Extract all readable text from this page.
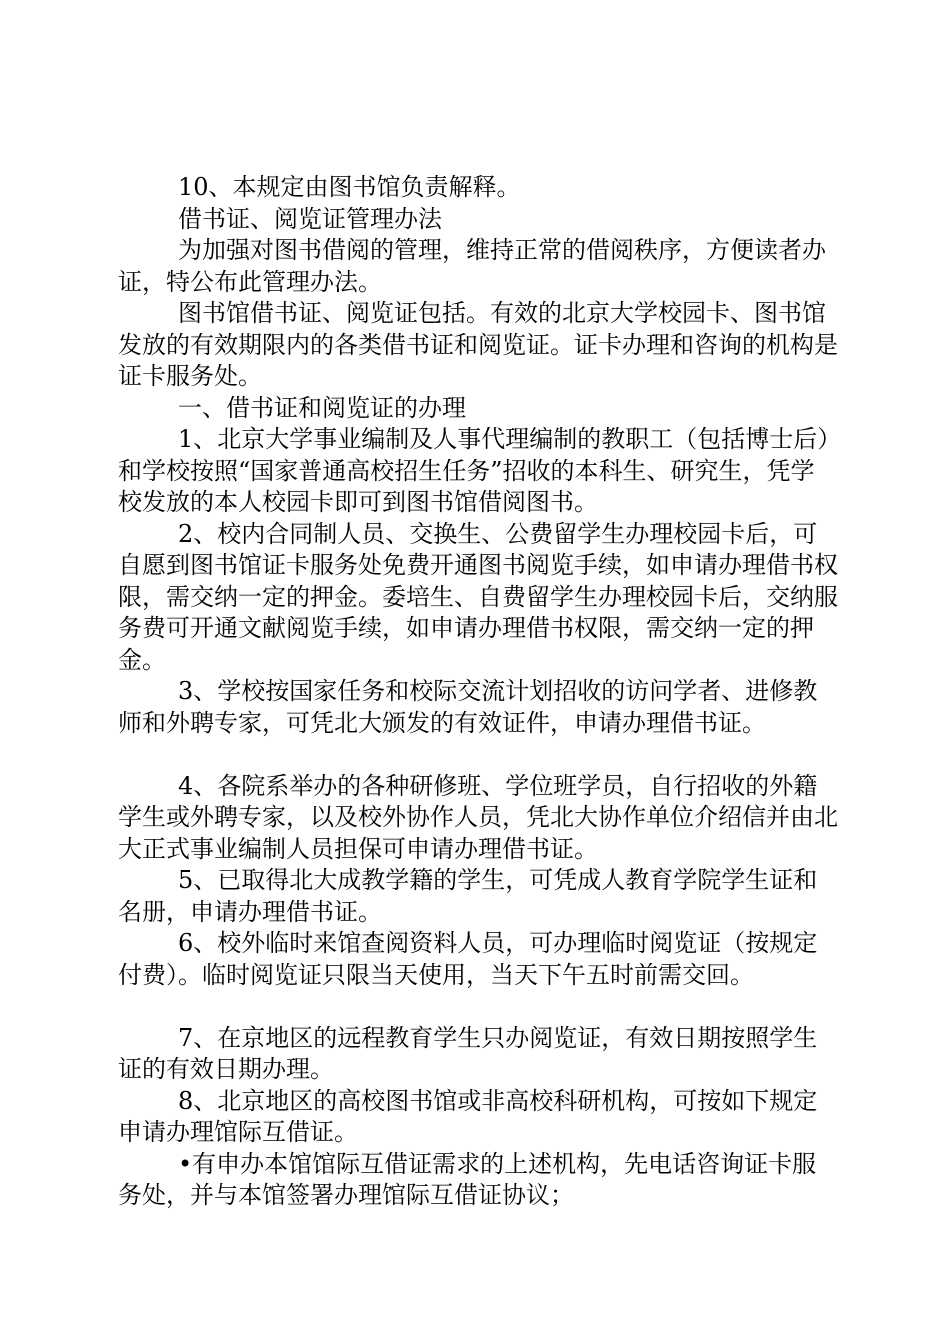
10、本规定由图书馆负责解释。

借书证、阅览证管理办法

为加强对图书借阅的管理，维持正常的借阅秩序，方便读者办证，特公布此管理办法。

图书馆借书证、阅览证包括。有效的北京大学校园卡、图书馆发放的有效期限内的各类借书证和阅览证。证卡办理和咨询的机构是证卡服务处。

一、借书证和阅览证的办理

1、北京大学事业编制及人事代理编制的教职工（包括博士后）和学校按照“国家普通高校招生任务”招收的本科生、研究生，凭学校发放的本人校园卡即可到图书馆借阅图书。

2、校内合同制人员、交换生、公费留学生办理校园卡后，可自愿到图书馆证卡服务处免费开通图书阅览手续，如申请办理借书权限，需交纳一定的押金。委培生、自费留学生办理校园卡后，交纳服务费可开通文献阅览手续，如申请办理借书权限，需交纳一定的押金。

3、学校按国家任务和校际交流计划招收的访问学者、进修教师和外聘专家，可凭北大颁发的有效证件，申请办理借书证。

4、各院系举办的各种研修班、学位班学员，自行招收的外籍学生或外聘专家，以及校外协作人员，凭北大协作单位介绍信并由北大正式事业编制人员担保可申请办理借书证。

5、已取得北大成教学籍的学生，可凭成人教育学院学生证和名册，申请办理借书证。

6、校外临时来馆查阅资料人员，可办理临时阅览证（按规定付费）。临时阅览证只限当天使用，当天下午五时前需交回。

7、在京地区的远程教育学生只办阅览证，有效日期按照学生证的有效日期办理。

8、北京地区的高校图书馆或非高校科研机构，可按如下规定申请办理馆际互借证。

•有申办本馆馆际互借证需求的上述机构，先电话咨询证卡服务处，并与本馆签署办理馆际互借证协议；
